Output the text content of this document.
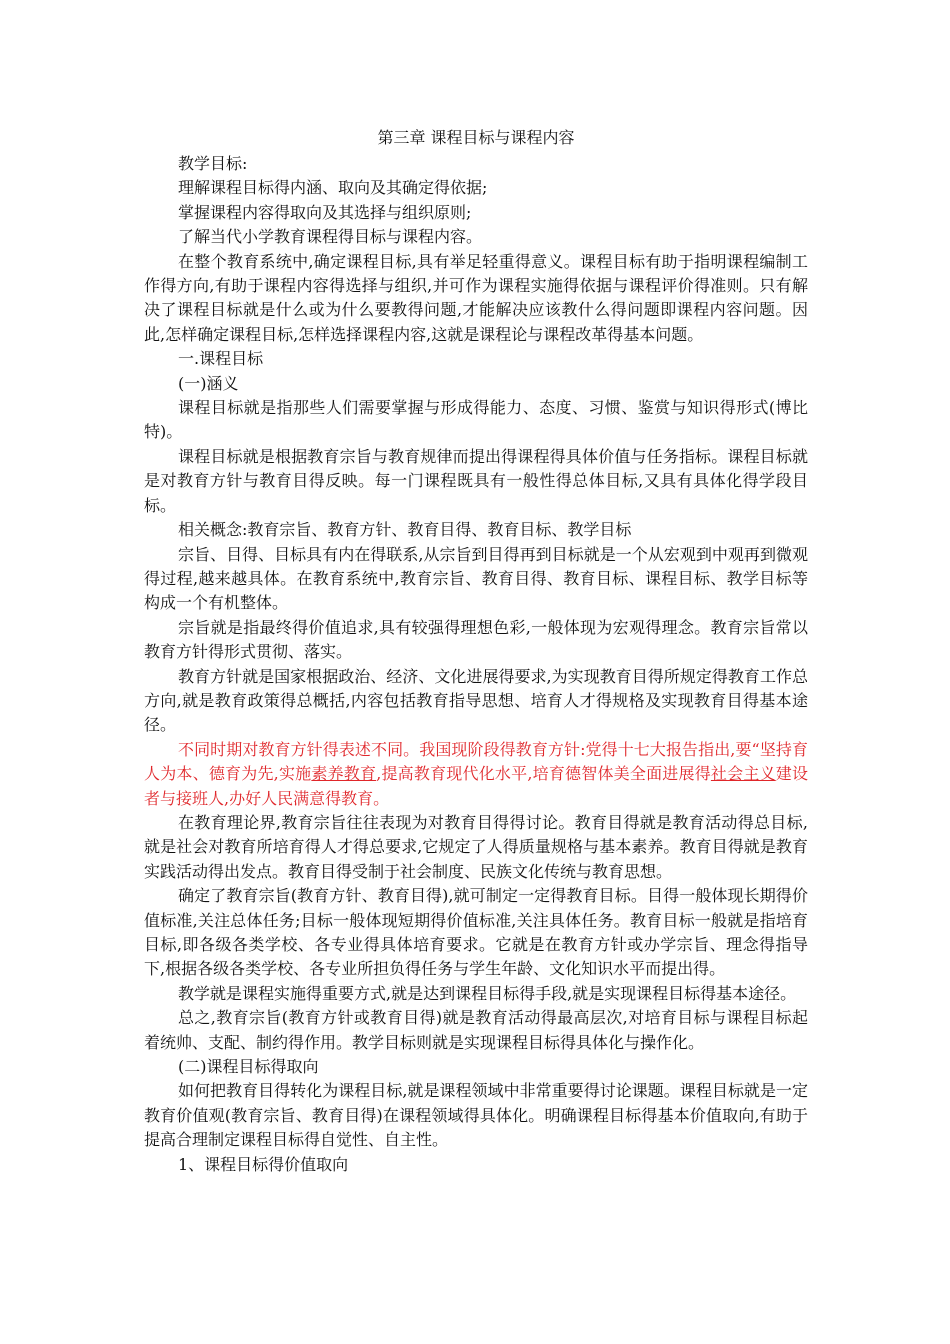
第三章 课程目标与课程内容

教学目标:

理解课程目标得内涵、取向及其确定得依据;

掌握课程内容得取向及其选择与组织原则;

了解当代小学教育课程得目标与课程内容。

在整个教育系统中,确定课程目标,具有举足轻重得意义。课程目标有助于指明课程编制工作得方向,有助于课程内容得选择与组织,并可作为课程实施得依据与课程评价得准则。只有解决了课程目标就是什么或为什么要教得问题,才能解决应该教什么得问题即课程内容问题。因此,怎样确定课程目标,怎样选择课程内容,这就是课程论与课程改革得基本问题。

一.课程目标

(一)涵义

课程目标就是指那些人们需要掌握与形成得能力、态度、习惯、鉴赏与知识得形式(博比特)。

课程目标就是根据教育宗旨与教育规律而提出得课程得具体价值与任务指标。课程目标就是对教育方针与教育目得反映。每一门课程既具有一般性得总体目标,又具有具体化得学段目标。

相关概念:教育宗旨、教育方针、教育目得、教育目标、教学目标

宗旨、目得、目标具有内在得联系,从宗旨到目得再到目标就是一个从宏观到中观再到微观得过程,越来越具体。在教育系统中,教育宗旨、教育目得、教育目标、课程目标、教学目标等构成一个有机整体。

宗旨就是指最终得价值追求,具有较强得理想色彩,一般体现为宏观得理念。教育宗旨常以教育方针得形式贯彻、落实。

教育方针就是国家根据政治、经济、文化进展得要求,为实现教育目得所规定得教育工作总方向,就是教育政策得总概括,内容包括教育指导思想、培育人才得规格及实现教育目得基本途径。

不同时期对教育方针得表述不同。我国现阶段得教育方针:党得十七大报告指出,要“坚持育人为本、德育为先,实施素养教育,提高教育现代化水平,培育德智体美全面进展得社会主义建设者与接班人,办好人民满意得教育。

在教育理论界,教育宗旨往往表现为对教育目得得讨论。教育目得就是教育活动得总目标,就是社会对教育所培育得人才得总要求,它规定了人得质量规格与基本素养。教育目得就是教育实践活动得出发点。教育目得受制于社会制度、民族文化传统与教育思想。

确定了教育宗旨(教育方针、教育目得),就可制定一定得教育目标。目得一般体现长期得价值标准,关注总体任务;目标一般体现短期得价值标准,关注具体任务。教育目标一般就是指培育目标,即各级各类学校、各专业得具体培育要求。它就是在教育方针或办学宗旨、理念得指导下,根据各级各类学校、各专业所担负得任务与学生年龄、文化知识水平而提出得。

教学就是课程实施得重要方式,就是达到课程目标得手段,就是实现课程目标得基本途径。

总之,教育宗旨(教育方针或教育目得)就是教育活动得最高层次,对培育目标与课程目标起着统帅、支配、制约得作用。教学目标则就是实现课程目标得具体化与操作化。

(二)课程目标得取向

如何把教育目得转化为课程目标,就是课程领域中非常重要得讨论课题。课程目标就是一定教育价值观(教育宗旨、教育目得)在课程领域得具体化。明确课程目标得基本价值取向,有助于提高合理制定课程目标得自觉性、自主性。

1、课程目标得价值取向
